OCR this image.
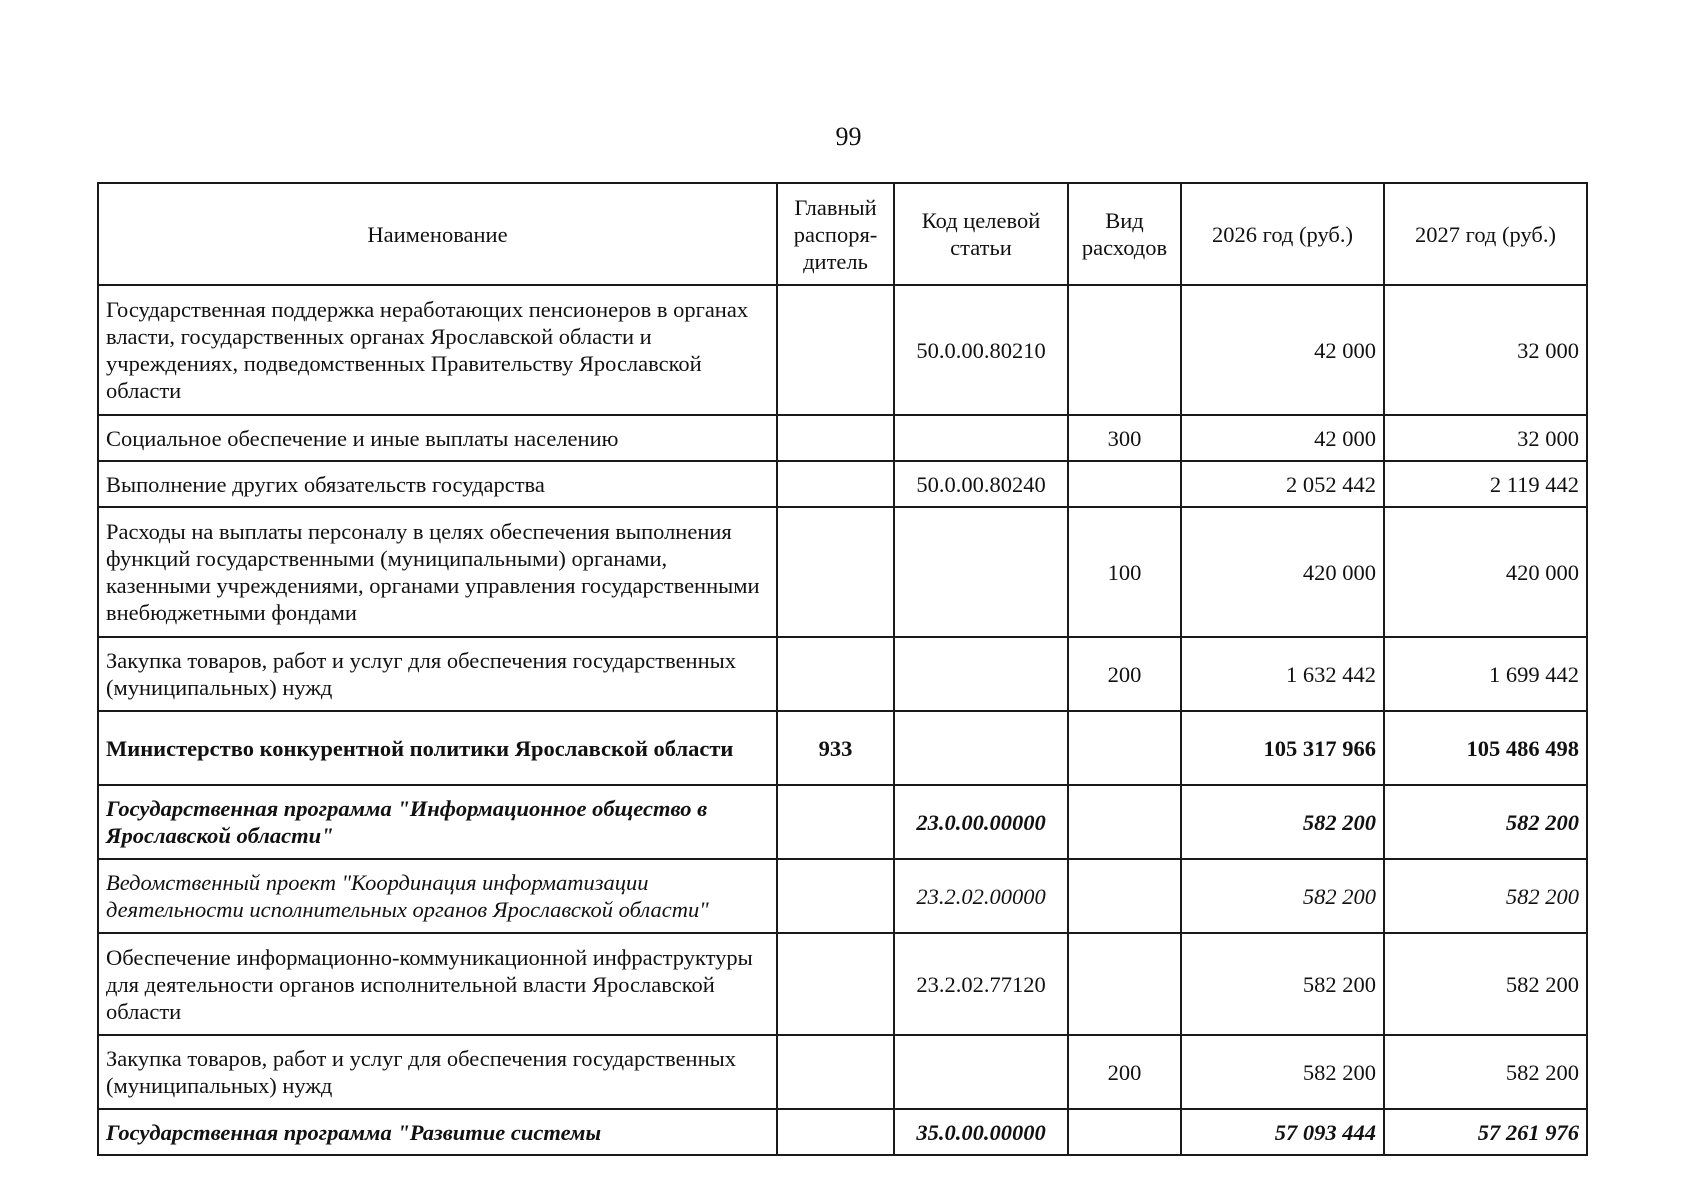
99
Наименование	Главный распоря-дитель	Код целевой статьи	Вид расходов	2026 год (руб.)	2027 год (руб.)
Государственная поддержка неработающих пенсионеров в органах власти, государственных органах Ярославской области и учреждениях, подведомственных Правительству Ярославской области		50.0.00.80210		42 000	32 000
Социальное обеспечение и иные выплаты населению			300	42 000	32 000
Выполнение других обязательств государства		50.0.00.80240		2 052 442	2 119 442
Расходы на выплаты персоналу в целях обеспечения выполнения функций государственными (муниципальными) органами, казенными учреждениями, органами управления государственными внебюджетными фондами			100	420 000	420 000
Закупка товаров, работ и услуг для обеспечения государственных (муниципальных) нужд			200	1 632 442	1 699 442
Министерство конкурентной политики Ярославской области	933			105 317 966	105 486 498
Государственная программа "Информационное общество в Ярославской области"		23.0.00.00000		582 200	582 200
Ведомственный проект "Координация информатизации деятельности исполнительных органов Ярославской области"		23.2.02.00000		582 200	582 200
Обеспечение информационно-коммуникационной инфраструктуры для деятельности органов исполнительной власти Ярославской области		23.2.02.77120		582 200	582 200
Закупка товаров, работ и услуг для обеспечения государственных (муниципальных) нужд			200	582 200	582 200
Государственная программа "Развитие системы		35.0.00.00000		57 093 444	57 261 976
